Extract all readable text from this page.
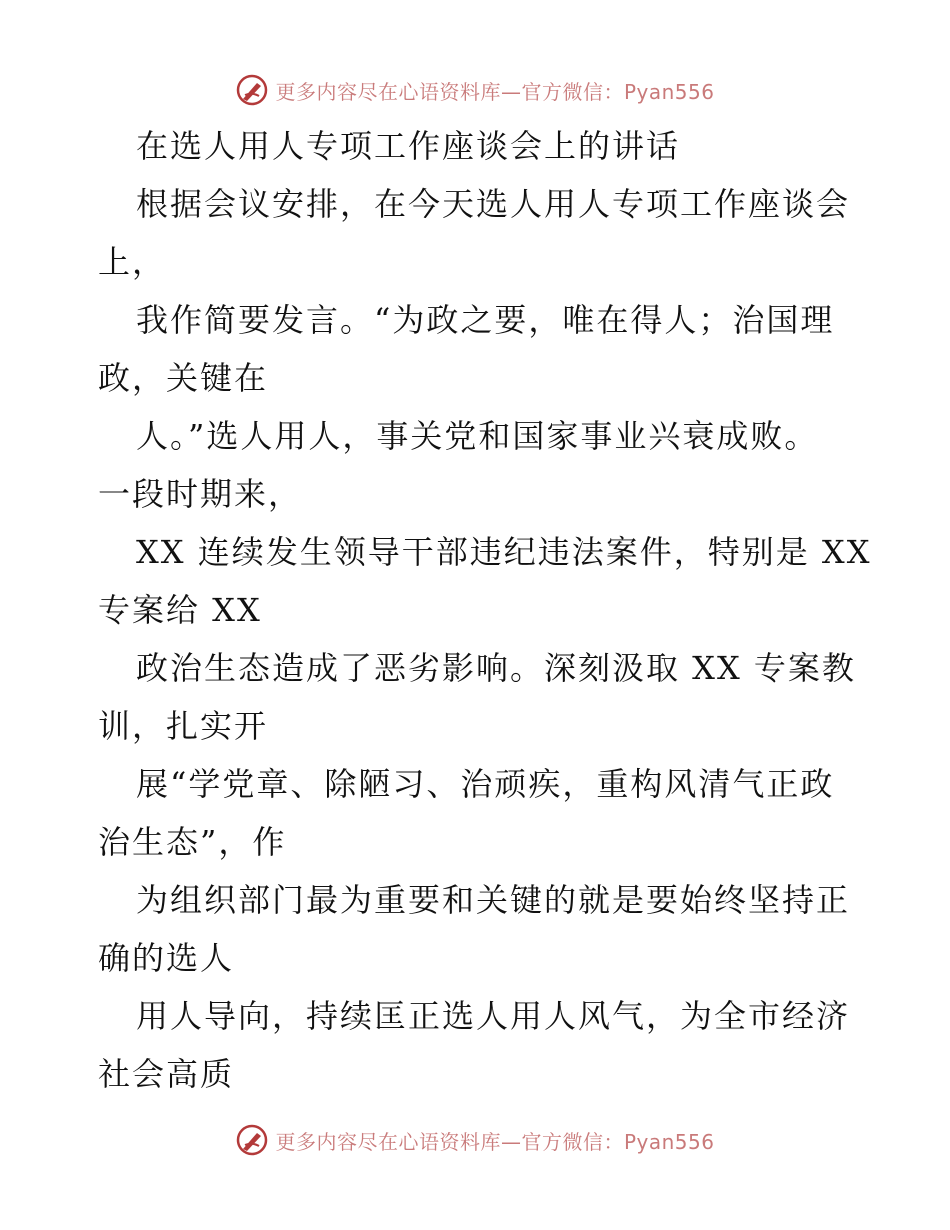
更多内容尽在心语资料库—官方微信：Pyan556
在选人用人专项工作座谈会上的讲话
根据会议安排，在今天选人用人专项工作座谈会
上，
我作简要发言。“为政之要，唯在得人；治国理
政，关键在
人。”选人用人，事关党和国家事业兴衰成败。
一段时期来，
XX 连续发生领导干部违纪违法案件，特别是 XX
专案给 XX
政治生态造成了恶劣影响。深刻汲取 XX 专案教
训，扎实开
展“学党章、除陋习、治顽疾，重构风清气正政
治生态”，作
为组织部门最为重要和关键的就是要始终坚持正
确的选人
用人导向，持续匡正选人用人风气，为全市经济
社会高质
更多内容尽在心语资料库—官方微信：Pyan556
